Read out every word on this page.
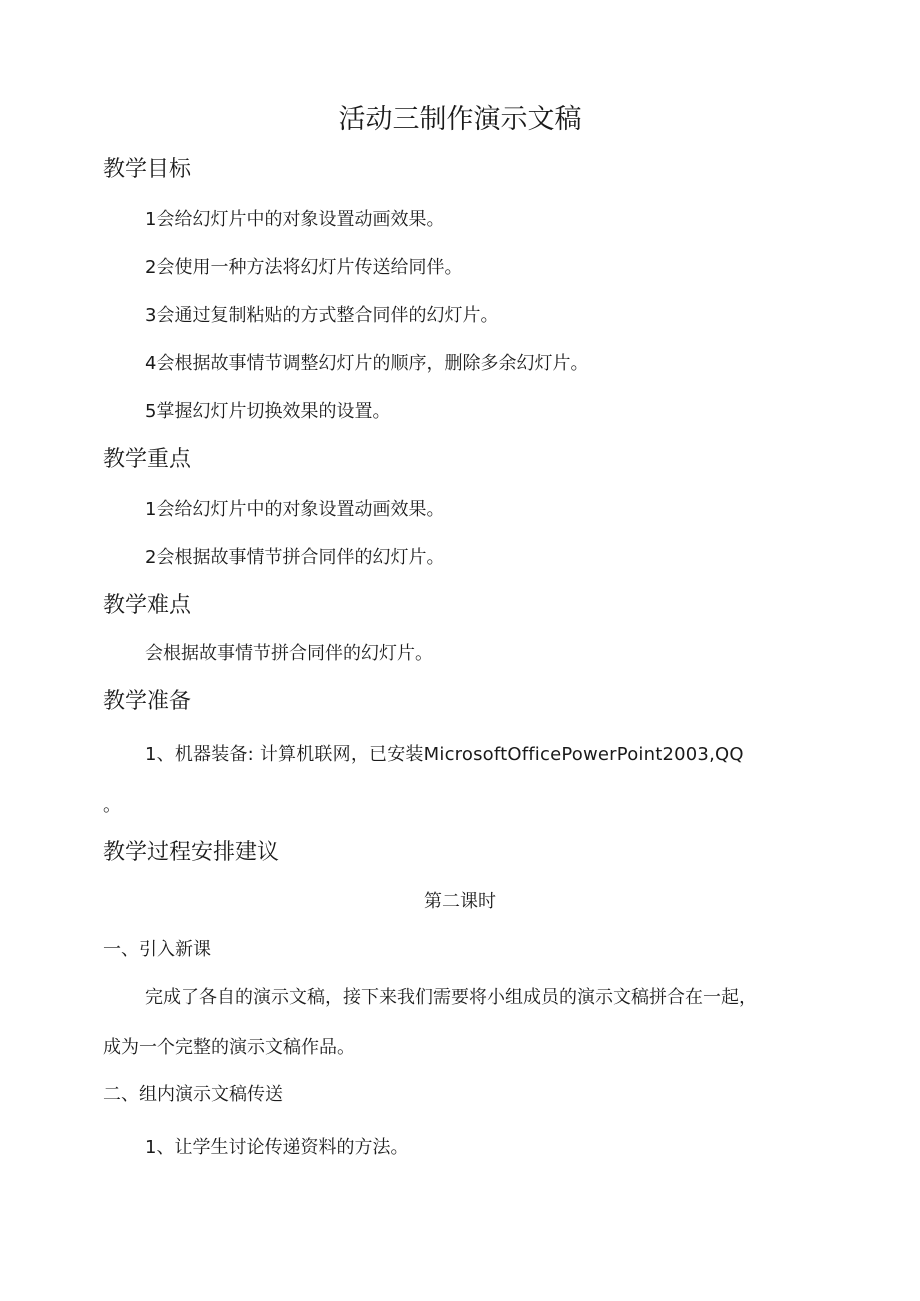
活动三制作演示文稿
教学目标
1会给幻灯片中的对象设置动画效果。
2会使用一种方法将幻灯片传送给同伴。
3会通过复制粘贴的方式整合同伴的幻灯片。
4会根据故事情节调整幻灯片的顺序，删除多余幻灯片。
5掌握幻灯片切换效果的设置。
教学重点
1会给幻灯片中的对象设置动画效果。
2会根据故事情节拼合同伴的幻灯片。
教学难点
会根据故事情节拼合同伴的幻灯片。
教学准备
1、机器装备: 计算机联网，已安装MicrosoftOfficePowerPoint2003,QQ
。
教学过程安排建议
第二课时
一、引入新课
完成了各自的演示文稿，接下来我们需要将小组成员的演示文稿拼合在一起，
成为一个完整的演示文稿作品。
二、组内演示文稿传送
1、让学生讨论传递资料的方法。
